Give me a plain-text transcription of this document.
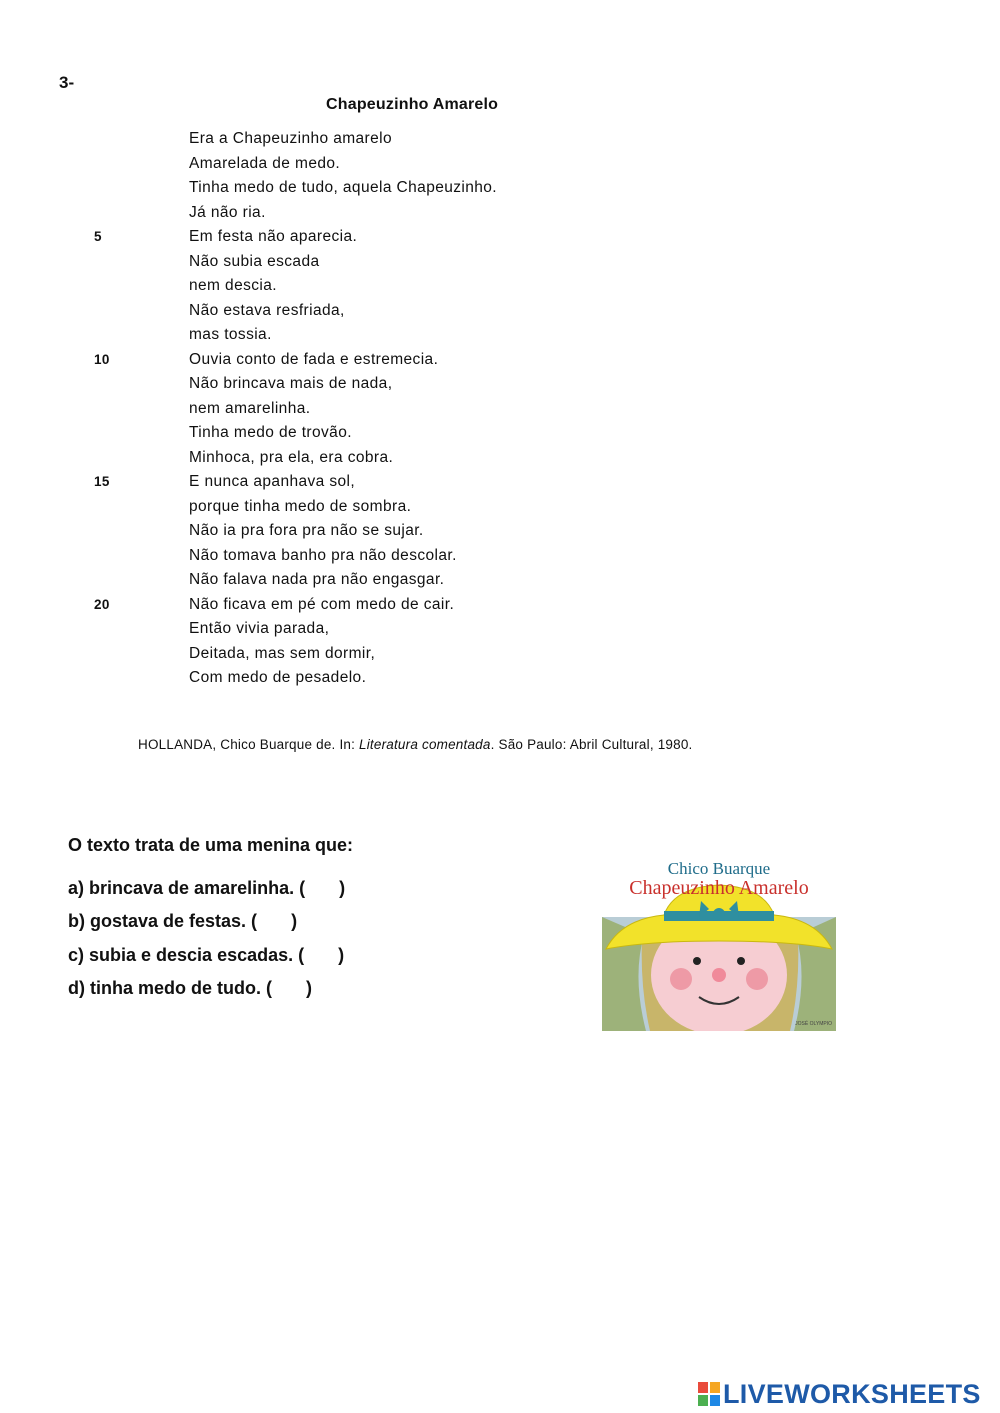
3-
Chapeuzinho Amarelo
Era a Chapeuzinho amarelo
Amarelada de medo.
Tinha medo de tudo, aquela Chapeuzinho.
Já não ria.
5	Em festa não aparecia.
Não subia escada
nem descia.
Não estava resfriada,
mas tossia.
10	Ouvia conto de fada e estremecia.
Não brincava mais de nada,
nem amarelinha.
Tinha medo de trovão.
Minhoca, pra ela, era cobra.
15	E nunca apanhava sol,
porque tinha medo de sombra.
Não ia pra fora pra não se sujar.
Não tomava banho pra não descolar.
Não falava nada pra não engasgar.
20	Não ficava em pé com medo de cair.
Então vivia parada,
Deitada, mas sem dormir,
Com medo de pesadelo.
HOLLANDA, Chico Buarque de. In: Literatura comentada. São Paulo: Abril Cultural, 1980.
O texto trata de uma menina que:
a) brincava de amarelinha. ( )
b) gostava de festas. ( )
c) subia e descia escadas. ( )
d) tinha medo de tudo. ( )
Chico Buarque
Chapeuzinho Amarelo
JOSÉ OLYMPIO
LIVEWORKSHEETS
